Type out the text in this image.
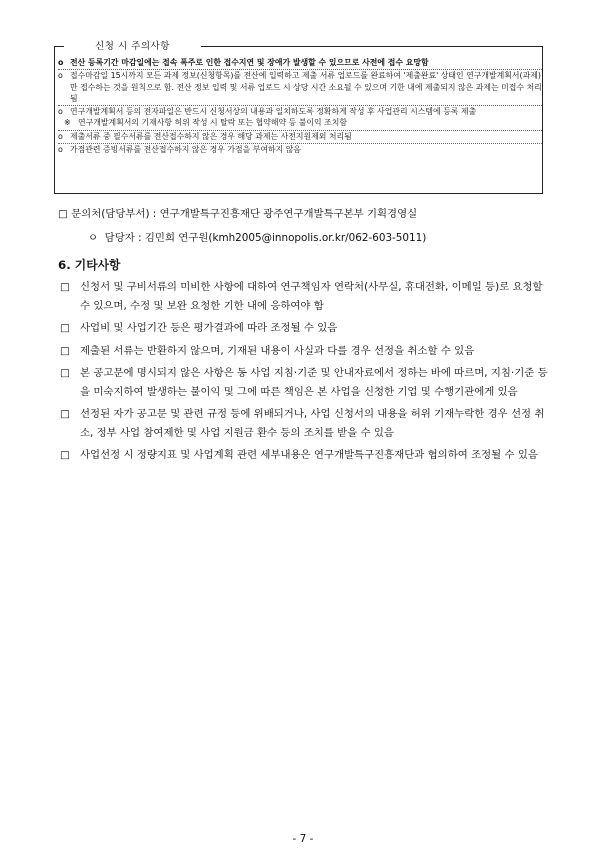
신청 시 주의사항
o 전산 등록기간 마감일에는 접속 폭주로 인한 접수지연 및 장애가 발생할 수 있으므로 사전에 접수 요망함
o 접수마감일 15시까지 모든 과제 정보(신청항목)를 전산에 입력하고 제출 서류 업로드를 완료하여 '제출완료' 상태인 연구개발계획서(과제)만 접수하는 것을 원칙으로 함. 전산 정보 입력 및 서류 업로드 시 상당 시간 소요될 수 있으며 기한 내에 제출되지 않은 과제는 미접수 처리됨
o 연구개발계획서 등의 전자파일은 반드시 신청서상의 내용과 일치하도록 정확하게 작성 후 사업관리 시스템에 등록 제출
※ 연구개발계획서의 기재사항 허위 작성 시 탈락 또는 협약해약 등 불이익 조치함
o 제출서류 중 필수서류를 전산접수하지 않은 경우 해당 과제는 사전지원제외 처리됨
o 가점관련 증빙서류를 전산접수하지 않은 경우 가점을 부여하지 않음
□ 문의처(담당부서) : 연구개발특구진흥재단 광주연구개발특구본부 기획경영실
ㅇ 담당자 : 김민희 연구원(kmh2005@innopolis.or.kr/062-603-5011)
6. 기타사항
□ 신청서 및 구비서류의 미비한 사항에 대하여 연구책임자 연락처(사무실, 휴대전화, 이메일 등)로 요청할 수 있으며, 수정 및 보완 요청한 기한 내에 응하여야 함
□ 사업비 및 사업기간 등은 평가결과에 따라 조정될 수 있음
□ 제출된 서류는 반환하지 않으며, 기재된 내용이 사실과 다를 경우 선정을 취소할 수 있음
□ 본 공고문에 명시되지 않은 사항은 동 사업 지침·기준 및 안내자료에서 정하는 바에 따르며, 지침·기준 등을 미숙지하여 발생하는 불이익 및 그에 따른 책임은 본 사업을 신청한 기업 및 수행기관에게 있음
□ 선정된 자가 공고문 및 관련 규정 등에 위배되거나, 사업 신청서의 내용을 허위 기재누락한 경우 선정 취소, 정부 사업 참여제한 및 사업 지원금 환수 등의 조치를 받을 수 있음
□ 사업선정 시 정량지표 및 사업계획 관련 세부내용은 연구개발특구진흥재단과 협의하여 조정될 수 있음
- 7 -
